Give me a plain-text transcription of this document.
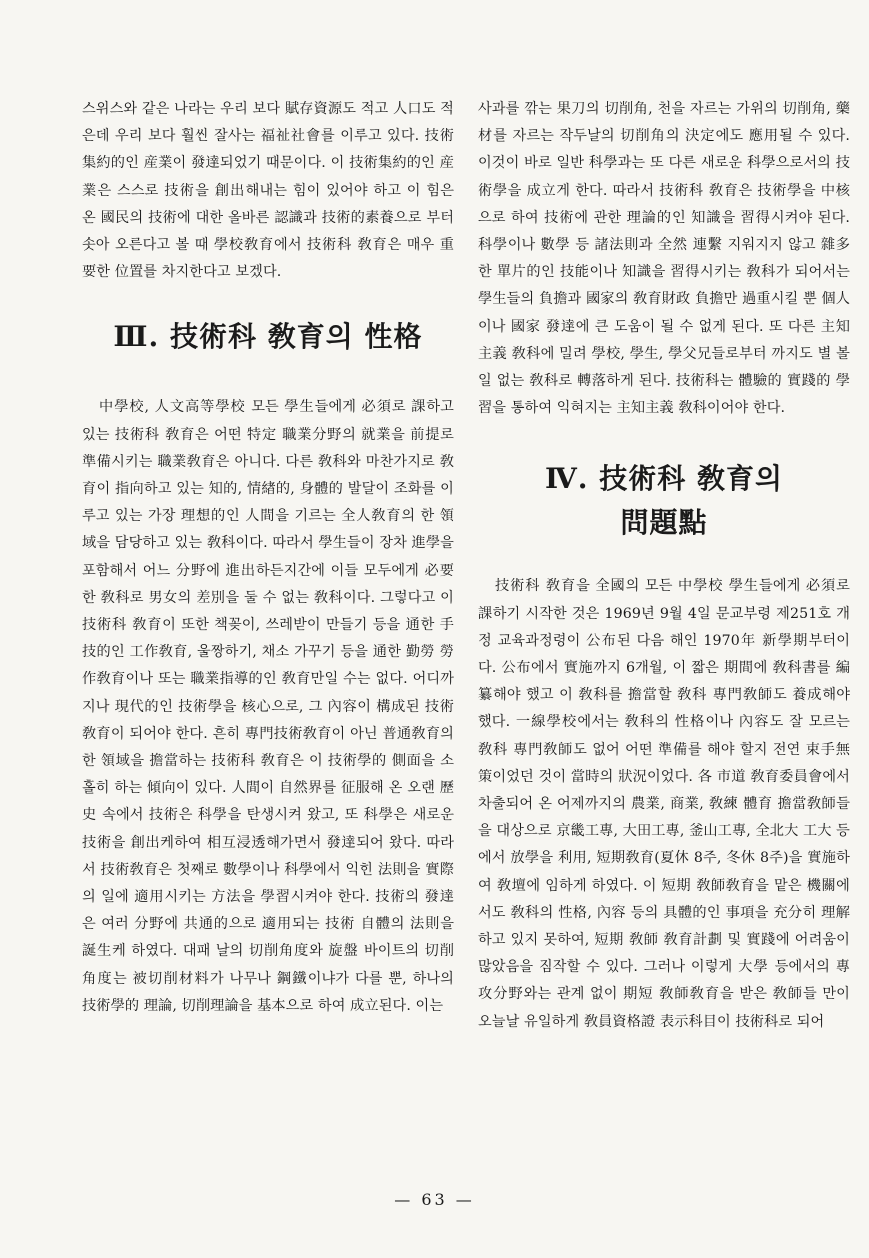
스위스와 같은 나라는 우리 보다 賦存資源도 적고 人口도 적은데 우리 보다 훨씬 잘사는 福祉社會를 이루고 있다. 技術集約的인 産業이 發達되었기 때문이다. 이 技術集約的인 産業은 스스로 技術을 創出해내는 힘이 있어야 하고 이 힘은 온 國民의 技術에 대한 올바른 認識과 技術的素養으로 부터 솟아 오른다고 볼 때 學校敎育에서 技術科 敎育은 매우 重要한 位置를 차지한다고 보겠다.

Ⅲ. 技術科 敎育의 性格

中學校, 人文高等學校 모든 學生들에게 必須로 課하고 있는 技術科 敎育은 어떤 特定 職業分野의 就業을 前提로 準備시키는 職業敎育은 아니다. 다른 敎科와 마찬가지로 敎育이 指向하고 있는 知的, 情緖的, 身體的 발달이 조화를 이루고 있는 가장 理想的인 人間을 기르는 全人敎育의 한 領域을 담당하고 있는 敎科이다. 따라서 學生들이 장차 進學을 포함해서 어느 分野에 進出하든지간에 이들 모두에게 必要한 敎科로 男女의 差別을 둘 수 없는 敎科이다. 그렇다고 이 技術科 敎育이 또한 책꽂이, 쓰레받이 만들기 등을 通한 手技的인 工作敎育, 울짱하기, 채소 가꾸기 등을 通한 勤勞 勞作敎育이나 또는 職業指導的인 敎育만일 수는 없다. 어디까지나 現代的인 技術學을 核心으로, 그 內容이 構成된 技術敎育이 되어야 한다. 흔히 專門技術敎育이 아닌 普通敎育의 한 領域을 擔當하는 技術科 敎育은 이 技術學的 側面을 소홀히 하는 傾向이 있다. 人間이 自然界를 征服해 온 오랜 歷史 속에서 技術은 科學을 탄생시켜 왔고, 또 科學은 새로운 技術을 創出케하여 相互浸透해가면서 發達되어 왔다. 따라서 技術敎育은 첫째로 數學이나 科學에서 익힌 法則을 實際의 일에 適用시키는 方法을 學習시켜야 한다. 技術의 發達은 여러 分野에 共通的으로 適用되는 技術 自體의 法則을 誕生케 하였다. 대패 날의 切削角度와 旋盤 바이트의 切削角度는 被切削材料가 나무나 鋼鐵이냐가 다를 뿐, 하나의 技術學的 理論, 切削理論을 基本으로 하여 成立된다. 이는

사과를 깎는 果刀의 切削角, 천을 자르는 가위의 切削角, 藥材를 자르는 작두날의 切削角의 決定에도 應用될 수 있다. 이것이 바로 일반 科學과는 또 다른 새로운 科學으로서의 技術學을 成立게 한다. 따라서 技術科 敎育은 技術學을 中核으로 하여 技術에 관한 理論的인 知識을 習得시켜야 된다. 科學이나 數學 등 諸法則과 全然 連繫 지워지지 않고 雜多한 單片的인 技能이나 知識을 習得시키는 敎科가 되어서는 學生들의 負擔과 國家의 敎育財政 負擔만 過重시킬 뿐 個人이나 國家 發達에 큰 도움이 될 수 없게 된다. 또 다른 主知主義 敎科에 밀려 學校, 學生, 學父兄들로부터 까지도 별 볼 일 없는 敎科로 轉落하게 된다. 技術科는 體驗的 實踐的 學習을 통하여 익혀지는 主知主義 敎科이어야 한다.

Ⅳ. 技術科 敎育의
問題點

技術科 敎育을 全國의 모든 中學校 學生들에게 必須로 課하기 시작한 것은 1969년 9월 4일 문교부령 제251호 개정 교육과정령이 公布된 다음 해인 1970年 新學期부터이다. 公布에서 實施까지 6개월, 이 짧은 期間에 敎科書를 編纂해야 했고 이 敎科를 擔當할 敎科 專門敎師도 養成해야 했다. 一線學校에서는 敎科의 性格이나 內容도 잘 모르는 敎科 專門敎師도 없어 어떤 準備를 해야 할지 전연 束手無策이었던 것이 當時의 狀況이었다. 各 市道 敎育委員會에서 차출되어 온 어제까지의 農業, 商業, 敎練 體育 擔當敎師들을 대상으로 京畿工專, 大田工專, 釜山工專, 全北大 工大 등에서 放學을 利用, 短期敎育(夏休 8주, 冬休 8주)을 實施하여 敎壇에 임하게 하였다. 이 短期 敎師敎育을 맡은 機關에서도 敎科의 性格, 內容 등의 具體的인 事項을 充分히 理解하고 있지 못하여, 短期 敎師 敎育計劃 및 實踐에 어려움이 많았음을 짐작할 수 있다. 그러나 이렇게 大學 등에서의 專攻分野와는 관계 없이 期短 敎師敎育을 받은 敎師들 만이 오늘날 유일하게 敎員資格證 表示科目이 技術科로 되어

— 63 —
